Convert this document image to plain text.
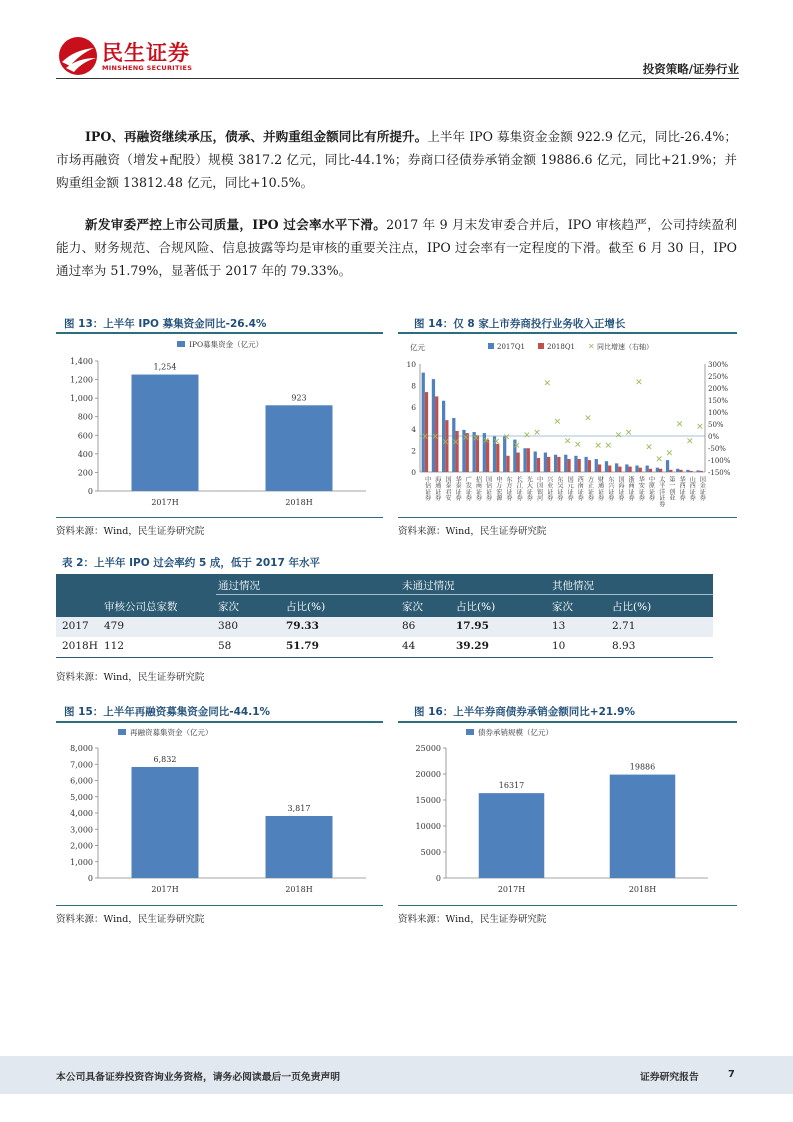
民生证券
MINSHENG SECURITIES	投资策略/证券行业
IPO、再融资继续承压，债承、并购重组金额同比有所提升。上半年 IPO 募集资金金额 922.9 亿元，同比-26.4%；市场再融资（增发+配股）规模 3817.2 亿元，同比-44.1%；券商口径债券承销金额 19886.6 亿元，同比+21.9%；并购重组金额 13812.48 亿元，同比+10.5%。
新发审委严控上市公司质量，IPO 过会率水平下滑。2017 年 9 月末发审委合并后，IPO 审核趋严，公司持续盈利能力、财务规范、合规风险、信息披露等均是审核的重要关注点，IPO 过会率有一定程度的下滑。截至 6 月 30 日，IPO 通过率为 51.79%，显著低于 2017 年的 79.33%。
图 13：上半年 IPO 募集资金同比-26.4%
0
200
400
600
800
1,000
1,200
1,400
IPO募集资金（亿元）
1,254
2017H
923
2018H
资料来源：Wind，民生证券研究院
图 14：仅 8 家上市券商投行业务收入正增长
亿元	2017Q1	2018Q1 ✕ 同比增速（右轴）
0
2
4
6
8
10	300%
250%
200%
150%
100%
50%
0%
-50%
-100%
-150%
中信证券 海通证券 国泰君安 华泰证券 广发证券 招商证券 国信证券 申万宏源 东方证券 长江证券 光大证券 中国银河 兴业证券 东吴证券 国元证券 西南证券 方正证券 财通证券 东兴证券 国海证券 浙商证券 华安证券 中原证券 太平洋证券 第一创业 华西证券 山西证券 国金证券
✕ ✕
✕ ✕ ✕ ✕ ✕ ✕ ✕
✕
✕ ✕
✕
✕
✕ ✕
✕
✕ ✕
✕ ✕
✕
✕
✕
✕
✕
✕
✕
资料来源：Wind，民生证券研究院
表 2：上半年 IPO 过会率约 5 成，低于 2017 年水平
通过情况	未通过情况	其他情况
审核公司总家数	家次	占比(%)	家次	占比(%)	家次	占比(%)
2017 479	380	79.33	86	17.95	13	2.71
2018H 112	58	51.79	44	39.29	10	8.93
资料来源：Wind，民生证券研究院
图 15：上半年再融资募集资金同比-44.1%
0
1,000
2,000
3,000
4,000
5,000
6,000
7,000
8,000
再融资募集资金（亿元）
6,832
2017H
3,817
2018H
资料来源：Wind，民生证券研究院
图 16：上半年券商债券承销金额同比+21.9%
0
5000
10000
15000
20000
25000
债券承销规模（亿元）
16317
2017H
19886
2018H
资料来源：Wind，民生证券研究院
本公司具备证券投资咨询业务资格，请务必阅读最后一页免责声明	证券研究报告	7
